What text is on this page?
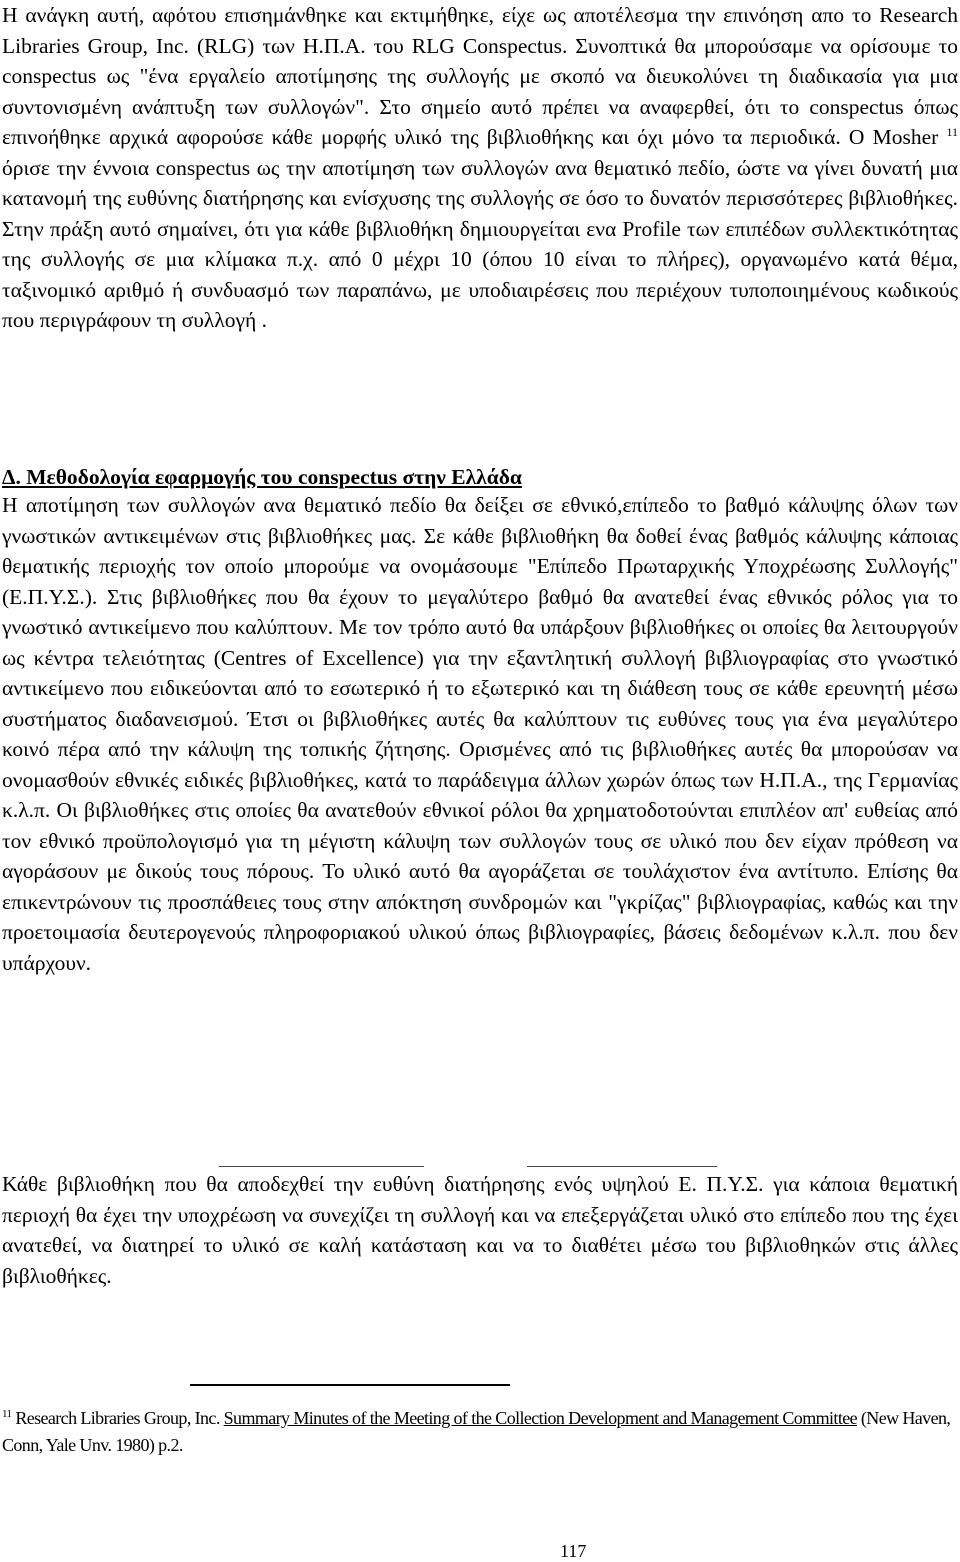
Η ανάγκη αυτή, αφότου επισημάνθηκε και εκτιμήθηκε, είχε ως αποτέλεσμα την επινόηση απο το Research Libraries Group, Inc. (RLG) των Η.Π.Α. του RLG Conspectus. Συνοπτικά θα μπορούσαμε να ορίσουμε το conspectus ως "ένα εργαλείο αποτίμησης της συλλογής με σκοπό να διευκολύνει τη διαδικασία για μια συντονισμένη ανάπτυξη των συλλογών". Στο σημείο αυτό πρέπει να αναφερθεί, ότι το conspectus όπως επινοήθηκε αρχικά αφορούσε κάθε μορφής υλικό της βιβλιοθήκης και όχι μόνο τα περιοδικά. Ο Mosher $^{11}$ όρισε την έννοια conspectus ως την αποτίμηση των συλλογών ανα θεματικό πεδίο, ώστε να γίνει δυνατή μια κατανομή της ευθύνης διατήρησης και ενίσχυσης της συλλογής σε όσο το δυνατόν περισσότερες βιβλιοθήκες. Στην πράξη αυτό σημαίνει, ότι για κάθε βιβλιοθήκη δημιουργείται ενα Profile των επιπέδων συλλεκτικότητας της συλλογής σε μια κλίμακα π.χ. από 0 μέχρι 10 (όπου 10 είναι το πλήρες), οργανωμένο κατά θέμα, ταξινομικό αριθμό ή συνδυασμό των παραπάνω, με υποδιαιρέσεις που περιέχουν τυποποιημένους κωδικούς που περιγράφουν τη συλλογή .

Δ. Μεθοδολογία εφαρμογής του conspectus στην Ελλάδα

Η αποτίμηση των συλλογών ανα θεματικό πεδίο θα δείξει σε εθνικό,επίπεδο το βαθμό κάλυψης όλων των γνωστικών αντικειμένων στις βιβλιοθήκες μας. Σε κάθε βιβλιοθήκη θα δοθεί ένας βαθμός κάλυψης κάποιας θεματικής περιοχής τον οποίο μπορούμε να ονομάσουμε "Επίπεδο Πρωταρχικής Υποχρέωσης Συλλογής" (Ε.Π.Υ.Σ.). Στις βιβλιοθήκες που θα έχουν το μεγαλύτερο βαθμό θα ανατεθεί ένας εθνικός ρόλος για το γνωστικό αντικείμενο που καλύπτουν. Με τον τρόπο αυτό θα υπάρξουν βιβλιοθήκες οι οποίες θα λειτουργούν ως κέντρα τελειότητας (Centres of Excellence) για την εξαντλητική συλλογή βιβλιογραφίας στο γνωστικό αντικείμενο που ειδικεύονται από το εσωτερικό ή το εξωτερικό και τη διάθεση τους σε κάθε ερευνητή μέσω συστήματος διαδανεισμού. Έτσι οι βιβλιοθήκες αυτές θα καλύπτουν τις ευθύνες τους για ένα μεγαλύτερο κοινό πέρα από την κάλυψη της τοπικής ζήτησης. Ορισμένες από τις βιβλιοθήκες αυτές θα μπορούσαν να ονομασθούν εθνικές ειδικές βιβλιοθήκες, κατά το παράδειγμα άλλων χωρών όπως των Η.Π.Α., της Γερμανίας κ.λ.π. Οι βιβλιοθήκες στις οποίες θα ανατεθούν εθνικοί ρόλοι θα χρηματοδοτούνται επιπλέον απ' ευθείας από τον εθνικό προϋπολογισμό για τη μέγιστη κάλυψη των συλλογών τους σε υλικό που δεν είχαν πρόθεση να αγοράσουν με δικούς τους πόρους. Το υλικό αυτό θα αγοράζεται σε τουλάχιστον ένα αντίτυπο. Επίσης θα επικεντρώνουν τις προσπάθειες τους στην απόκτηση συνδρομών και "γκρίζας" βιβλιογραφίας, καθώς και την προετοιμασία δευτερογενούς πληροφοριακού υλικού όπως βιβλιογραφίες, βάσεις δεδομένων κ.λ.π. που δεν υπάρχουν.

Κάθε βιβλιοθήκη που θα αποδεχθεί την ευθύνη διατήρησης ενός υψηλού Ε. Π.Υ.Σ. για κάποια θεματική περιοχή θα έχει την υποχρέωση να συνεχίζει τη συλλογή και να επεξεργάζεται υλικό στο επίπεδο που της έχει ανατεθεί, να διατηρεί το υλικό σε καλή κατάσταση και να το διαθέτει μέσω του βιβλιοθηκών στις άλλες βιβλιοθήκες.

$^{11}$ Research Libraries Group, Inc. Summary Minutes of the Meeting of the Collection Development and Management Committee (New Haven, Conn, Yale Unv. 1980) p.2.

117
